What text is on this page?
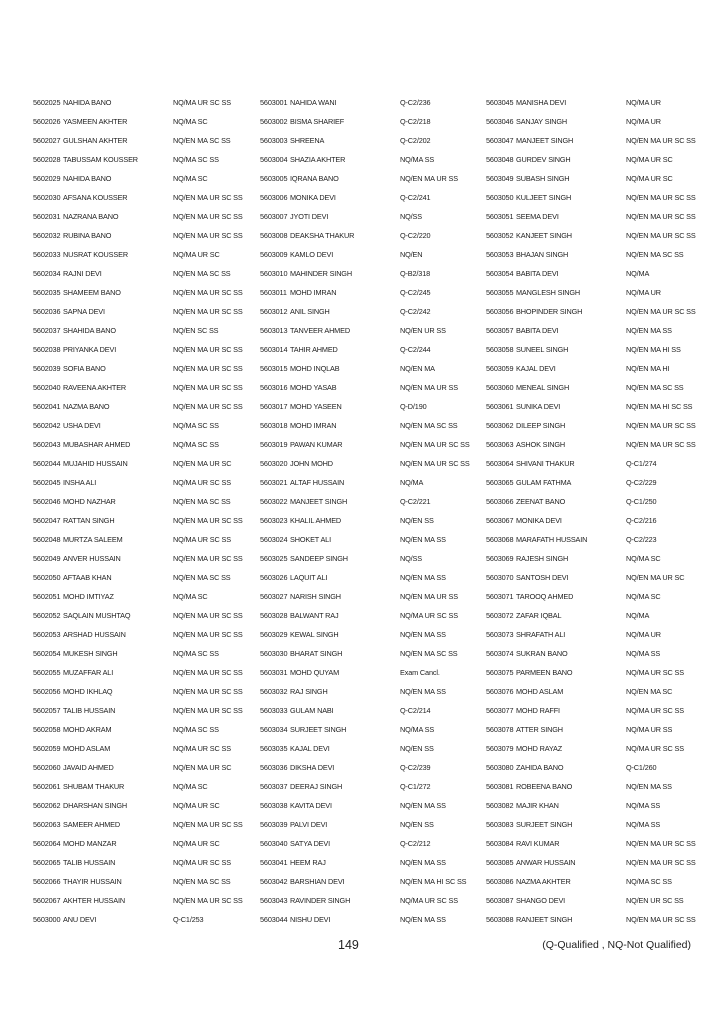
5602025 NAHIDA BANO	NQ/MA UR SC SS
5602026 YASMEEN AKHTER	NQ/MA SC
5602027 GULSHAN AKHTER	NQ/EN MA SC SS
5602028 TABUSSAM KOUSSER	NQ/MA SC SS
5602029 NAHIDA BANO	NQ/MA SC
5602030 AFSANA KOUSSER	NQ/EN MA UR SC SS
5602031 NAZRANA BANO	NQ/EN MA UR SC SS
5602032 RUBINA BANO	NQ/EN MA UR SC SS
5602033 NUSRAT KOUSSER	NQ/MA UR SC
5602034 RAJNI DEVI	NQ/EN MA SC SS
5602035 SHAMEEM BANO	NQ/EN MA UR SC SS
5602036 SAPNA DEVI	NQ/EN MA UR SC SS
5602037 SHAHIDA BANO	NQ/EN SC SS
5602038 PRIYANKA DEVI	NQ/EN MA UR SC SS
5602039 SOFIA BANO	NQ/EN MA UR SC SS
5602040 RAVEENA AKHTER	NQ/EN MA UR SC SS
5602041 NAZMA BANO	NQ/EN MA UR SC SS
5602042 USHA DEVI	NQ/MA SC SS
5602043 MUBASHAR AHMED	NQ/MA SC SS
5602044 MUJAHID HUSSAIN	NQ/EN MA UR SC
5602045 INSHA ALI	NQ/MA UR SC SS
5602046 MOHD NAZHAR	NQ/EN MA SC SS
5602047 RATTAN SINGH	NQ/EN MA UR SC SS
5602048 MURTZA SALEEM	NQ/MA UR SC SS
5602049 ANVER HUSSAIN	NQ/EN MA UR SC SS
5602050 AFTAAB KHAN	NQ/EN MA SC SS
5602051 MOHD IMTIYAZ	NQ/MA SC
5602052 SAQLAIN MUSHTAQ	NQ/EN MA UR SC SS
5602053 ARSHAD HUSSAIN	NQ/EN MA UR SC SS
5602054 MUKESH SINGH	NQ/MA SC SS
5602055 MUZAFFAR ALI	NQ/EN MA UR SC SS
5602056 MOHD IKHLAQ	NQ/EN MA UR SC SS
5602057 TALIB HUSSAIN	NQ/EN MA UR SC SS
5602058 MOHD AKRAM	NQ/MA SC SS
5602059 MOHD ASLAM	NQ/MA UR SC SS
5602060 JAVAID AHMED	NQ/EN MA UR SC
5602061 SHUBAM THAKUR	NQ/MA SC
5602062 DHARSHAN SINGH	NQ/MA UR SC
5602063 SAMEER AHMED	NQ/EN MA UR SC SS
5602064 MOHD MANZAR	NQ/MA UR SC
5602065 TALIB HUSSAIN	NQ/MA UR SC SS
5602066 THAYIR HUSSAIN	NQ/EN MA SC SS
5602067 AKHTER HUSSAIN	NQ/EN MA UR SC SS
5603000 ANU DEVI	Q-C1/253
5603001 NAHIDA WANI	Q-C2/236
5603002 BISMA SHARIEF	Q-C2/218
5603003 SHREENA	Q-C2/202
5603004 SHAZIA AKHTER	NQ/MA SS
5603005 IQRANA BANO	NQ/EN MA UR SS
5603006 MONIKA DEVI	Q-C2/241
5603007 JYOTI DEVI	NQ/SS
5603008 DEAKSHA THAKUR	Q-C2/220
5603009 KAMLO DEVI	NQ/EN
5603010 MAHINDER SINGH	Q-B2/318
5603011 MOHD IMRAN	Q-C2/245
5603012 ANIL SINGH	Q-C2/242
5603013 TANVEER AHMED	NQ/EN UR SS
5603014 TAHIR AHMED	Q-C2/244
5603015 MOHD INQLAB	NQ/EN MA
5603016 MOHD YASAB	NQ/EN MA UR SS
5603017 MOHD YASEEN	Q-D/190
5603018 MOHD IMRAN	NQ/EN MA SC SS
5603019 PAWAN KUMAR	NQ/EN MA UR SC SS
5603020 JOHN MOHD	NQ/EN MA UR SC SS
5603021 ALTAF HUSSAIN	NQ/MA
5603022 MANJEET SINGH	Q-C2/221
5603023 KHALIL AHMED	NQ/EN SS
5603024 SHOKET ALI	NQ/EN MA SS
5603025 SANDEEP SINGH	NQ/SS
5603026 LAQUIT ALI	NQ/EN MA SS
5603027 NARISH SINGH	NQ/EN MA UR SS
5603028 BALWANT RAJ	NQ/MA UR SC SS
5603029 KEWAL SINGH	NQ/EN MA SS
5603030 BHARAT SINGH	NQ/EN MA SC SS
5603031 MOHD QUYAM	Exam Cancl.
5603032 RAJ SINGH	NQ/EN MA SS
5603033 GULAM NABI	Q-C2/214
5603034 SURJEET SINGH	NQ/MA SS
5603035 KAJAL DEVI	NQ/EN SS
5603036 DIKSHA DEVI	Q-C2/239
5603037 DEERAJ SINGH	Q-C1/272
5603038 KAVITA DEVI	NQ/EN MA SS
5603039 PALVI DEVI	NQ/EN SS
5603040 SATYA DEVI	Q-C2/212
5603041 HEEM RAJ	NQ/EN MA SS
5603042 BARSHIAN DEVI	NQ/EN MA HI SC SS
5603043 RAVINDER SINGH	NQ/MA UR SC SS
5603044 NISHU DEVI	NQ/EN MA SS
5603045 MANISHA DEVI	NQ/MA UR
5603046 SANJAY SINGH	NQ/MA UR
5603047 MANJEET SINGH	NQ/EN MA UR SC SS
5603048 GURDEV SINGH	NQ/MA UR SC
5603049 SUBASH SINGH	NQ/MA UR SC
5603050 KULJEET SINGH	NQ/EN MA UR SC SS
5603051 SEEMA DEVI	NQ/EN MA UR SC SS
5603052 KANJEET SINGH	NQ/EN MA UR SC SS
5603053 BHAJAN SINGH	NQ/EN MA SC SS
5603054 BABITA DEVI	NQ/MA
5603055 MANGLESH SINGH	NQ/MA UR
5603056 BHOPINDER SINGH	NQ/EN MA UR SC SS
5603057 BABITA DEVI	NQ/EN MA SS
5603058 SUNEEL SINGH	NQ/EN MA HI SS
5603059 KAJAL DEVI	NQ/EN MA HI
5603060 MENEAL SINGH	NQ/EN MA SC SS
5603061 SUNIKA DEVI	NQ/EN MA HI SC SS
5603062 DILEEP SINGH	NQ/EN MA UR SC SS
5603063 ASHOK SINGH	NQ/EN MA UR SC SS
5603064 SHIVANI THAKUR	Q-C1/274
5603065 GULAM FATHMA	Q-C2/229
5603066 ZEENAT BANO	Q-C1/250
5603067 MONIKA DEVI	Q-C2/216
5603068 MARAFATH HUSSAIN	Q-C2/223
5603069 RAJESH SINGH	NQ/MA SC
5603070 SANTOSH DEVI	NQ/EN MA UR SC
5603071 TAROOQ AHMED	NQ/MA SC
5603072 ZAFAR IQBAL	NQ/MA
5603073 SHRAFATH ALI	NQ/MA UR
5603074 SUKRAN BANO	NQ/MA SS
5603075 PARMEEN BANO	NQ/MA UR SC SS
5603076 MOHD ASLAM	NQ/EN MA SC
5603077 MOHD RAFFI	NQ/MA UR SC SS
5603078 ATTER SINGH	NQ/MA UR SS
5603079 MOHD RAYAZ	NQ/MA UR SC SS
5603080 ZAHIDA BANO	Q-C1/260
5603081 ROBEENA BANO	NQ/EN MA SS
5603082 MAJIR KHAN	NQ/MA SS
5603083 SURJEET SINGH	NQ/MA SS
5603084 RAVI KUMAR	NQ/EN MA UR SC SS
5603085 ANWAR HUSSAIN	NQ/EN MA UR SC SS
5603086 NAZMA AKHTER	NQ/MA SC SS
5603087 SHANGO DEVI	NQ/EN UR SC SS
5603088 RANJEET SINGH	NQ/EN MA UR SC SS
149	(Q-Qualified , NQ-Not Qualified)
